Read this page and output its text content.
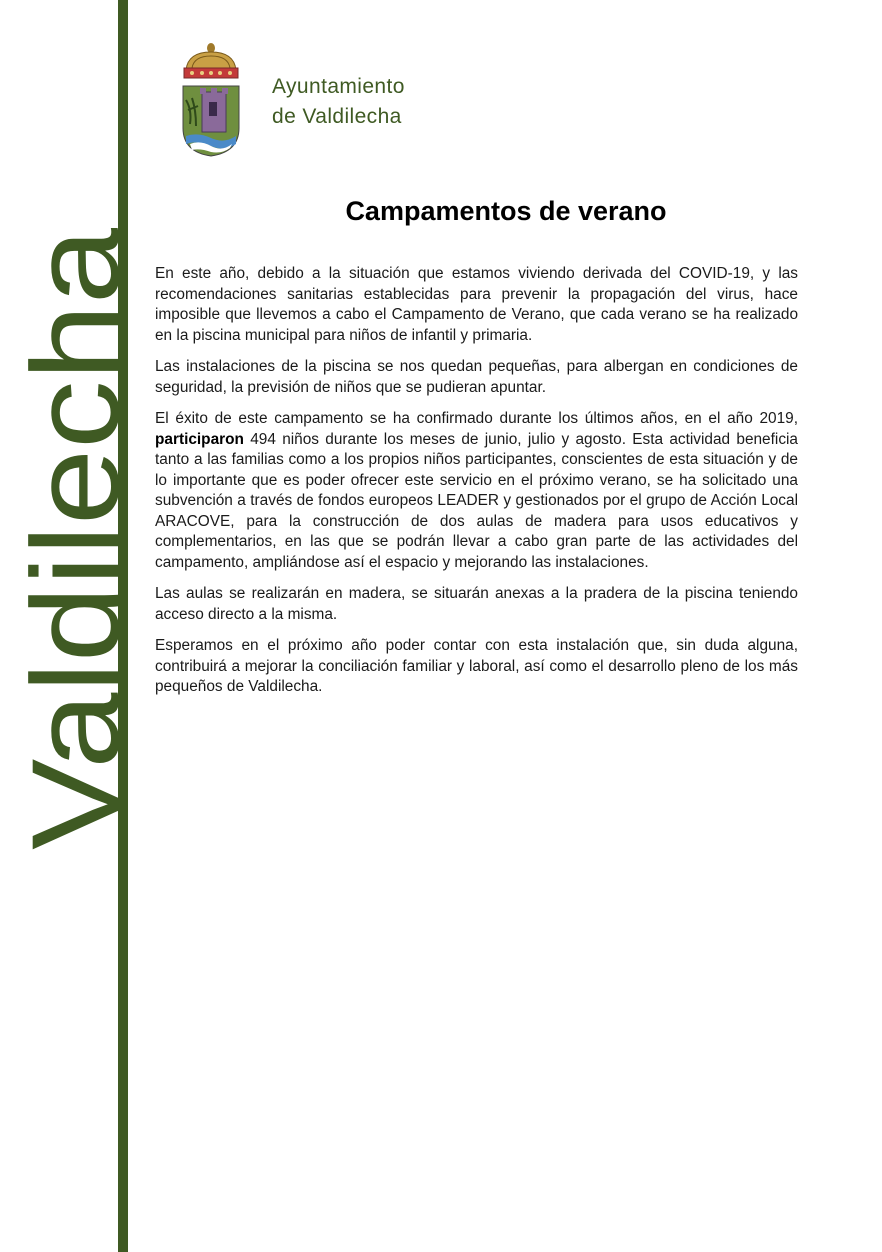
Valdilecha
Ayuntamiento
de Valdilecha
Campamentos de verano

En este año, debido a la situación que estamos viviendo derivada del COVID-19, y las recomendaciones sanitarias establecidas para prevenir la propagación del virus, hace imposible que llevemos a cabo el Campamento de Verano, que cada verano se ha realizado en la piscina municipal para niños de infantil y primaria.

Las instalaciones de la piscina se nos quedan pequeñas, para albergan en condiciones de seguridad, la previsión de niños que se pudieran apuntar.

El éxito de este campamento se ha confirmado durante los últimos años, en el año 2019, participaron 494 niños durante los meses de junio, julio y agosto. Esta actividad beneficia tanto a las familias como a los propios niños participantes, conscientes de esta situación y de lo importante que es poder ofrecer este servicio en el próximo verano, se ha solicitado una subvención a través de fondos europeos LEADER y gestionados por el grupo de Acción Local ARACOVE, para la construcción de dos aulas de madera para usos educativos y complementarios, en las que se podrán llevar a cabo gran parte de las actividades del campamento, ampliándose así el espacio y mejorando las instalaciones.

Las aulas se realizarán en madera, se situarán anexas a la pradera de la piscina teniendo acceso directo a la misma.

Esperamos en el próximo año poder contar con esta instalación que, sin duda alguna, contribuirá a mejorar la conciliación familiar y laboral, así como el desarrollo pleno de los más pequeños de Valdilecha.
